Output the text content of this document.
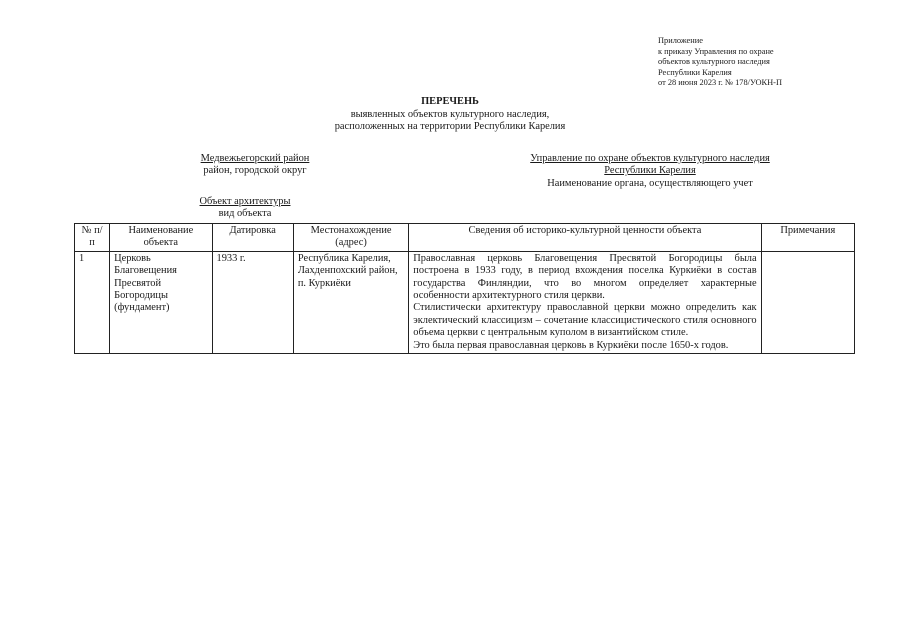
Приложение
к приказу Управления по охране
объектов культурного наследия
Республики Карелия
от 28 июня 2023 г. № 178/УОКН-П
ПЕРЕЧЕНЬ
выявленных объектов культурного наследия,
расположенных на территории Республики Карелия
Медвежьегорский район
район, городской округ
Управление по охране объектов культурного наследия
Республики Карелия
Наименование органа, осуществляющего учет
Объект архитектуры
вид объекта
№ п/п	Наименование объекта	Датировка	Местонахождение (адрес)	Сведения об историко-культурной ценности объекта	Примечания
1	Церковь Благовещения Пресвятой Богородицы (фундамент)	1933 г.	Республика Карелия, Лахденпохский район, п. Куркиёки	Православная церковь Благовещения Пресвятой Богородицы была построена в 1933 году, в период вхождения поселка Куркиёки в состав государства Финляндии, что во многом определяет характерные особенности архитектурного стиля церкви.

Стилистически архитектуру православной церкви можно определить как эклектический классицизм – сочетание классицистического стиля основного объема церкви с центральным куполом в византийском стиле.

Это была первая православная церковь в Куркиёки после 1650-х годов.	
